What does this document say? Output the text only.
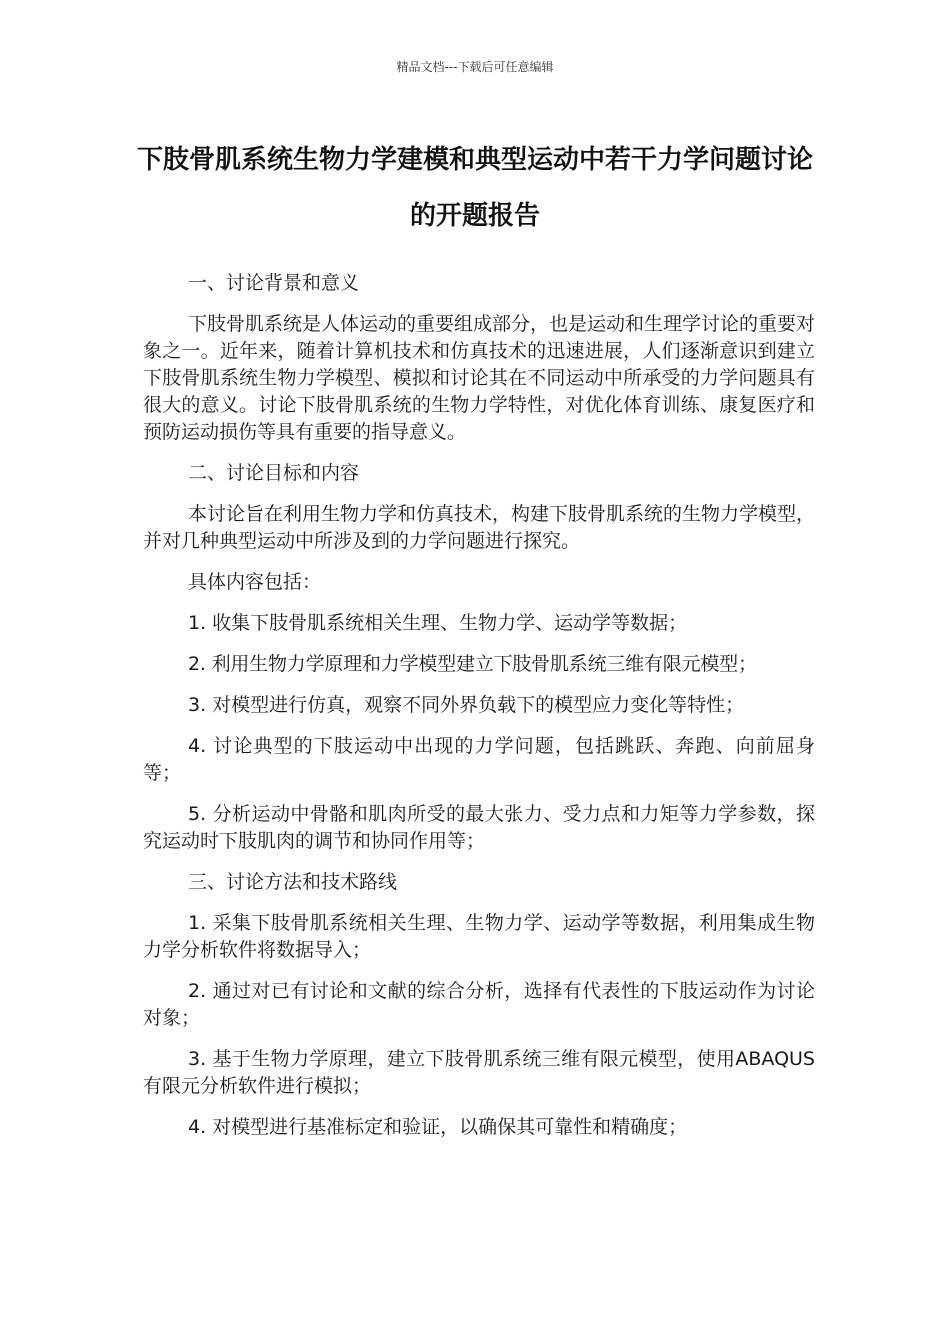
精品文档---下载后可任意编辑
下肢骨肌系统生物力学建模和典型运动中若干力学问题讨论的开题报告

一、讨论背景和意义

下肢骨肌系统是人体运动的重要组成部分，也是运动和生理学讨论的重要对象之一。近年来，随着计算机技术和仿真技术的迅速进展，人们逐渐意识到建立下肢骨肌系统生物力学模型、模拟和讨论其在不同运动中所承受的力学问题具有很大的意义。讨论下肢骨肌系统的生物力学特性，对优化体育训练、康复医疗和预防运动损伤等具有重要的指导意义。

二、讨论目标和内容

本讨论旨在利用生物力学和仿真技术，构建下肢骨肌系统的生物力学模型，并对几种典型运动中所涉及到的力学问题进行探究。

具体内容包括：

1. 收集下肢骨肌系统相关生理、生物力学、运动学等数据；

2. 利用生物力学原理和力学模型建立下肢骨肌系统三维有限元模型；

3. 对模型进行仿真，观察不同外界负载下的模型应力变化等特性；

4. 讨论典型的下肢运动中出现的力学问题，包括跳跃、奔跑、向前屈身等；

5. 分析运动中骨骼和肌肉所受的最大张力、受力点和力矩等力学参数，探究运动时下肢肌肉的调节和协同作用等；

三、讨论方法和技术路线

1. 采集下肢骨肌系统相关生理、生物力学、运动学等数据，利用集成生物力学分析软件将数据导入；

2. 通过对已有讨论和文献的综合分析，选择有代表性的下肢运动作为讨论对象；

3. 基于生物力学原理，建立下肢骨肌系统三维有限元模型，使用ABAQUS 有限元分析软件进行模拟；

4. 对模型进行基准标定和验证，以确保其可靠性和精确度；
